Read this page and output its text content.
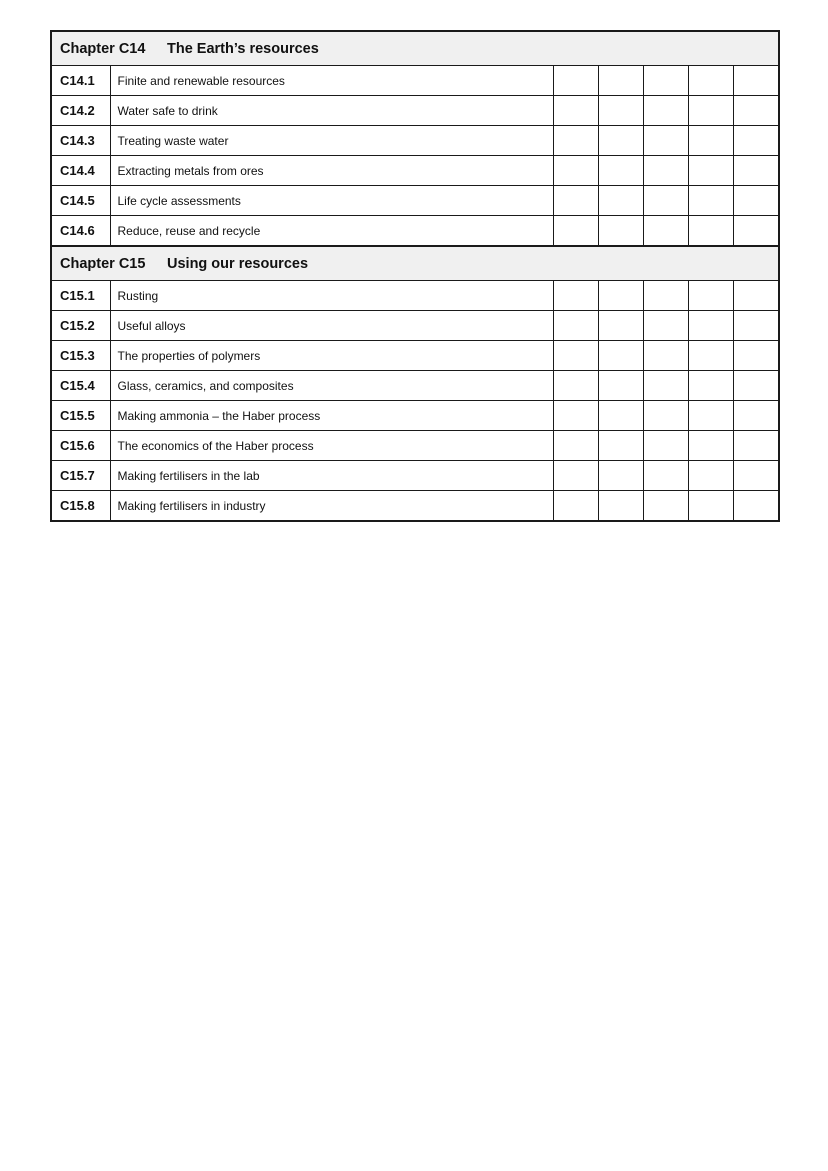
Chapter C14 The Earth’s resources						
C14.1	Finite and renewable resources					
C14.2	Water safe to drink					
C14.3	Treating waste water					
C14.4	Extracting metals from ores					
C14.5	Life cycle assessments					
C14.6	Reduce, reuse and recycle					
Chapter C15 Using our resources						
C15.1	Rusting					
C15.2	Useful alloys					
C15.3	The properties of polymers					
C15.4	Glass, ceramics, and composites					
C15.5	Making ammonia – the Haber process					
C15.6	The economics of the Haber process					
C15.7	Making fertilisers in the lab					
C15.8	Making fertilisers in industry					
